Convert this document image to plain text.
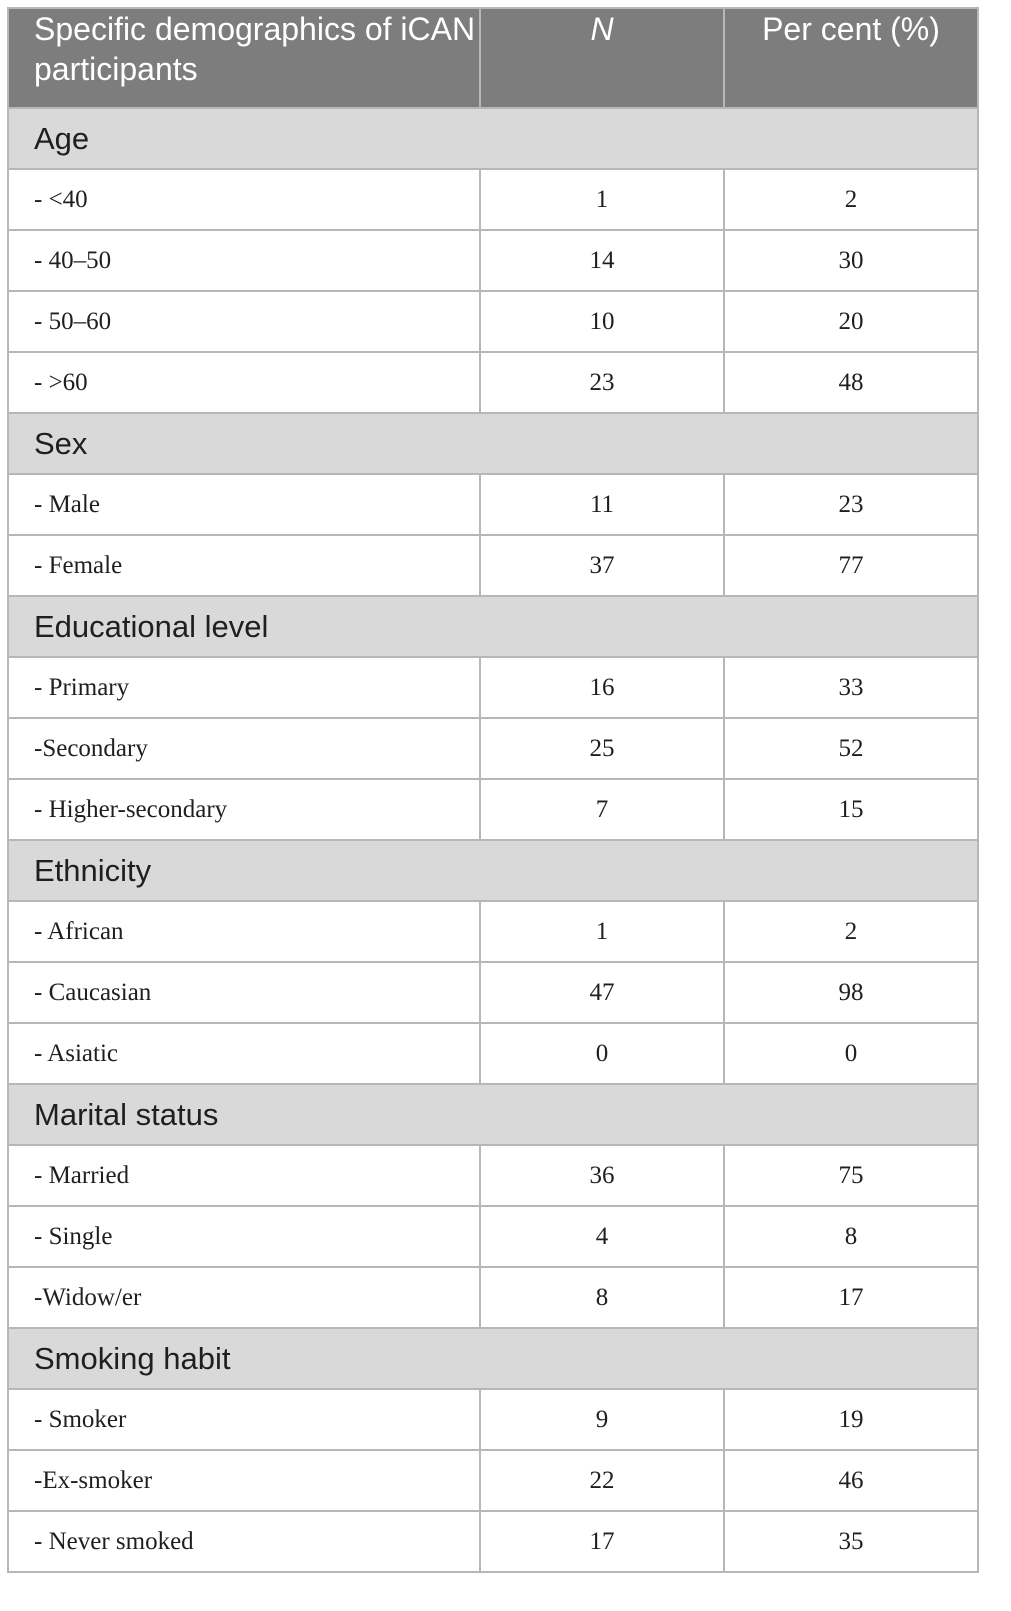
Specific demographics of iCAN participants	N	Per cent (%)
Age		
- <40	1	2
- 40–50	14	30
- 50–60	10	20
- >60	23	48
Sex		
- Male	11	23
- Female	37	77
Educational level		
- Primary	16	33
-Secondary	25	52
- Higher-secondary	7	15
Ethnicity		
- African	1	2
- Caucasian	47	98
- Asiatic	0	0
Marital status		
- Married	36	75
- Single	4	8
-Widow/er	8	17
Smoking habit		
- Smoker	9	19
-Ex-smoker	22	46
- Never smoked	17	35
